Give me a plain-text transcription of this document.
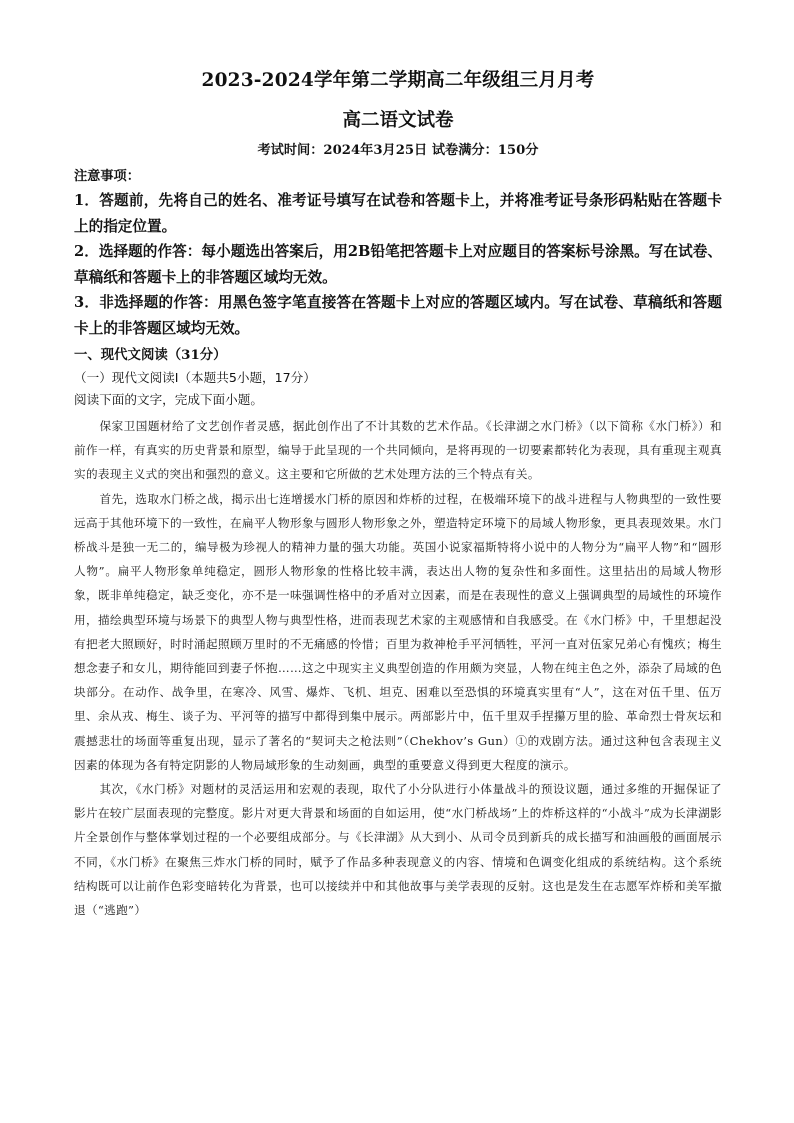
2023-2024学年第二学期高二年级组三月月考
高二语文试卷
考试时间：2024年3月25日 试卷满分：150分
注意事项：

1．答题前，先将自己的姓名、准考证号填写在试卷和答题卡上，并将准考证号条形码粘贴在答题卡上的指定位置。

2．选择题的作答：每小题选出答案后，用2B铅笔把答题卡上对应题目的答案标号涂黑。写在试卷、草稿纸和答题卡上的非答题区域均无效。

3．非选择题的作答：用黑色签字笔直接答在答题卡上对应的答题区域内。写在试卷、草稿纸和答题卡上的非答题区域均无效。

一、现代文阅读（31分）
（一）现代文阅读Ⅰ（本题共5小题，17分）
阅读下面的文字，完成下面小题。

保家卫国题材给了文艺创作者灵感，据此创作出了不计其数的艺术作品。《长津湖之水门桥》（以下简称《水门桥》）和前作一样，有真实的历史背景和原型，编导于此呈现的一个共同倾向，是将再现的一切要素都转化为表现，具有重现主观真实的表现主义式的突出和强烈的意义。这主要和它所做的艺术处理方法的三个特点有关。

首先，选取水门桥之战，揭示出七连增援水门桥的原因和炸桥的过程，在极端环境下的战斗进程与人物典型的一致性要远高于其他环境下的一致性，在扁平人物形象与圆形人物形象之外，塑造特定环境下的局域人物形象，更具表现效果。水门桥战斗是独一无二的，编导极为珍视人的精神力量的强大功能。英国小说家福斯特将小说中的人物分为“扁平人物”和“圆形人物”。扁平人物形象单纯稳定，圆形人物形象的性格比较丰满，表达出人物的复杂性和多面性。这里拈出的局域人物形象，既非单纯稳定，缺乏变化，亦不是一味强调性格中的矛盾对立因素，而是在表现性的意义上强调典型的局域性的环境作用，描绘典型环境与场景下的典型人物与典型性格，进而表现艺术家的主观感情和自我感受。在《水门桥》中，千里想起没有把老大照顾好，时时涌起照顾万里时的不无痛感的怜惜；百里为救神枪手平河牺牲，平河一直对伍家兄弟心有愧疚；梅生想念妻子和女儿，期待能回到妻子怀抱……这之中现实主义典型创造的作用颇为突显，人物在纯主色之外，添杂了局域的色块部分。在动作、战争里，在寒冷、风雪、爆炸、飞机、坦克、困难以至恐惧的环境真实里有“人”，这在对伍千里、伍万里、余从戎、梅生、谈子为、平河等的描写中都得到集中展示。两部影片中，伍千里双手捏攥万里的脸、革命烈士骨灰坛和震撼悲壮的场面等重复出现，显示了著名的“契诃夫之枪法则”（Chekhov’s Gun）①的戏剧方法。通过这种包含表现主义因素的体现为各有特定阴影的人物局域形象的生动刻画，典型的重要意义得到更大程度的演示。

其次，《水门桥》对题材的灵活运用和宏观的表现，取代了小分队进行小体量战斗的预设议题，通过多维的开掘保证了影片在较广层面表现的完整度。影片对更大背景和场面的自如运用，使“水门桥战场”上的炸桥这样的“小战斗”成为长津湖影片全景创作与整体掌划过程的一个必要组成部分。与《长津湖》从大到小、从司令员到新兵的成长描写和油画般的画面展示不同，《水门桥》在聚焦三炸水门桥的同时，赋予了作品多种表现意义的内容、情境和色调变化组成的系统结构。这个系统结构既可以让前作色彩变暗转化为背景，也可以接续并中和其他故事与美学表现的反射。这也是发生在志愿军炸桥和美军撤退（“逃跑”）
